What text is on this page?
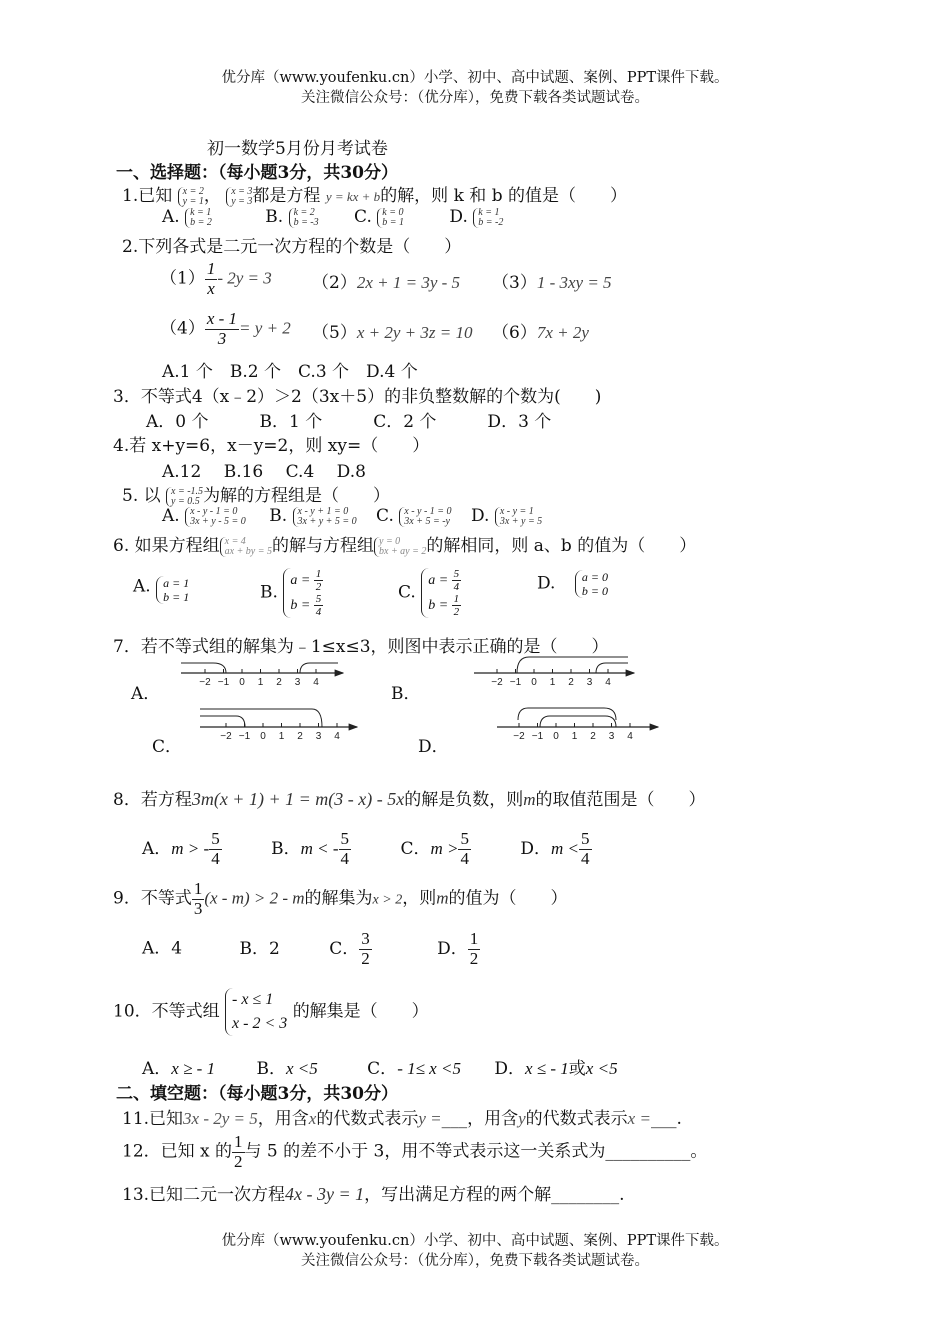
优分库（www.youfenku.cn）小学、初中、高中试题、案例、PPT课件下载。
关注微信公众号：（优分库），免费下载各类试题试卷。
初一数学5月份月考试卷
一、选择题：（每小题3分，共30分）
1.已知 x = 2
y = 1 ， x = 3
y = 3 都是方程 y = kx + b的解，则 k 和 b 的值是（　　）
A. k = 1
b = 2	B. k = 2
b = -3 C. k = 0
b = 1	D. k = 1
b = -2
2.下列各式是二元一次方程的个数是（　　）
$(1) \frac{1}{x} - 2y = 3$ （2）2x + 1 = 3y - 5 （3）1 - 3xy = 5
$(4) \frac{x - 1}{3} = y + 2$ （5）x + 2y + 3z = 10 （6）7x + 2y
A.1 个　B.2 个　C.3 个　D.4 个
3．不等式4（x﹣2）＞2（3x＋5）的非负整数解的个数为(　　)
A．0 个　　　B．1 个　　　C．2 个　　　D．3 个
4.若 x+y=6，x－y=2，则 xy=（　　）
A.12　 B.16　 C.4　 D.8
5. 以 x = -1.5
y = 0.5 为解的方程组是（　　）
A. x - y - 1 = 0
3x + y - 5 = 0 B. x - y + 1 = 0
3x + y + 5 = 0 C. x - y - 1 = 0
3x + 5 = -y D. x - y = 1
3x + y = 5
6. 如果方程组 x = 4
ax + by = 5 的解与方程组 y = 0
bx + ay = 2 的解相同，则 a、b 的值为（　　）
A. a = 1
b = 1	B.
$a = \frac{1}{2}$
$b = \frac{5}{4}$
C.
$a = \frac{5}{4}$
$b = \frac{1}{2}$
D. a = 0
b = 0
7．若不等式组的解集为﹣1≤x≤3，则图中表示正确的是（　　）
A．	B．
C．	D．
−2 −1 0 1 2 3 4	−2 −1 0 1 2 3 4
−2 −1 0 1 2 3 4	−2 −1 0 1 2 3 4
8．若方程3m(x + 1) + 1 = m(3 - x) - 5x的解是负数，则m的取值范围是（　　）
A．m > - $\frac{5}{4}$	B．m < - $\frac{5}{4}$	C．$m > \frac{5}{4}$	D．$m < \frac{5}{4}$
9．不等式 $\frac{1}{3} (x - m) > 2 - m$的解集为x > 2，则m的值为（　　）
A．4	B．2	C． $\frac{3}{2}$	D． $\frac{1}{2}$
10．不等式组
- x ≤ 1
x - 2 < 3
的解集是（　　）
A．x ≥ - 1 B．x <5	C．- 1≤ x <5 D．x ≤ - 1或x <5
二、填空题：（每小题3分，共30分）
11.已知3x - 2y = 5，用含x的代数式表示y =___，用含y的代数式表示x =___.
12．已知 x 的 $\frac{1}{2}$ 与 5 的差不小于 3，用不等式表示这一关系式为__________。
13.已知二元一次方程4x - 3y = 1，写出满足方程的两个解________.
优分库（www.youfenku.cn）小学、初中、高中试题、案例、PPT课件下载。
关注微信公众号：（优分库），免费下载各类试题试卷。
